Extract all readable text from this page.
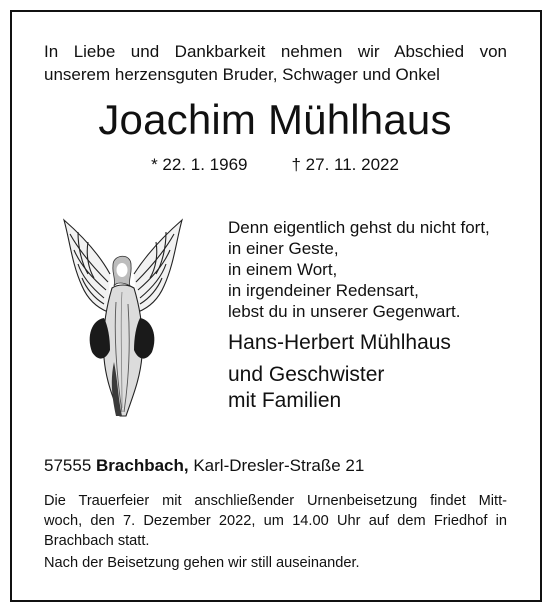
In Liebe und Dankbarkeit nehmen wir Abschied von
unserem herzensguten Bruder, Schwager und Onkel
Joachim Mühlhaus
* 22. 1. 1969	† 27. 11. 2022
Denn eigentlich gehst du nicht fort,
in einer Geste,
in einem Wort,
in irgendeiner Redensart,
lebst du in unserer Gegenwart.
Hans-Herbert Mühlhaus
und Geschwister
mit Familien
57555 Brachbach, Karl-Dresler-Straße 21
Die Trauerfeier mit anschließender Urnenbeisetzung findet Mitt-
woch, den 7. Dezember 2022, um 14.00 Uhr auf dem Friedhof in
Brachbach statt.
Nach der Beisetzung gehen wir still auseinander.
